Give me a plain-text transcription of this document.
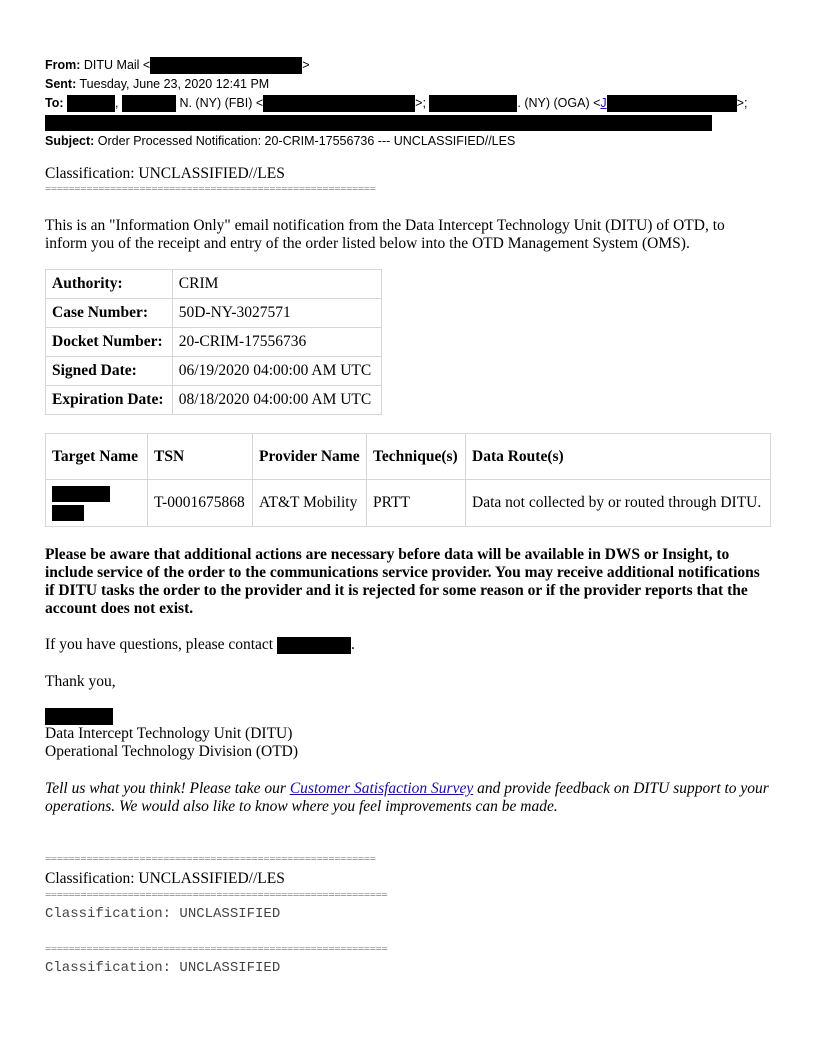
From: DITU Mail <	>
Sent: Tuesday, June 23, 2020 12:41 PM
To:	,	N. (NY) (FBI) <	>;	. (NY) (OGA) <J	>;
Subject: Order Processed Notification: 20-CRIM-17556736 --- UNCLASSIFIED//LES
Classification: UNCLASSIFIED//LES
========================================================
This is an "Information Only" email notification from the Data Intercept Technology Unit (DITU) of OTD, to inform you of the receipt and entry of the order listed below into the OTD Management System (OMS).
Authority:	CRIM
Case Number:	50D-NY-3027571
Docket Number:	20-CRIM-17556736
Signed Date:	06/19/2020 04:00:00 AM UTC
Expiration Date:	08/18/2020 04:00:00 AM UTC
Target Name	TSN	Provider Name	Technique(s)	Data Route(s)

	T-0001675868	AT&T Mobility	PRTT	Data not collected by or routed through DITU.
Please be aware that additional actions are necessary before data will be available in DWS or Insight, to include service of the order to the communications service provider. You may receive additional notifications if DITU tasks the order to the provider and it is rejected for some reason or if the provider reports that the account does not exist.
If you have questions, please contact	.
Thank you,

Data Intercept Technology Unit (DITU)
Operational Technology Division (OTD)
Tell us what you think! Please take our Customer Satisfaction Survey and provide feedback on DITU support to your operations. We would also like to know where you feel improvements can be made.
========================================================
Classification: UNCLASSIFIED//LES
==========================================================
Classification: UNCLASSIFIED
==========================================================
Classification: UNCLASSIFIED
